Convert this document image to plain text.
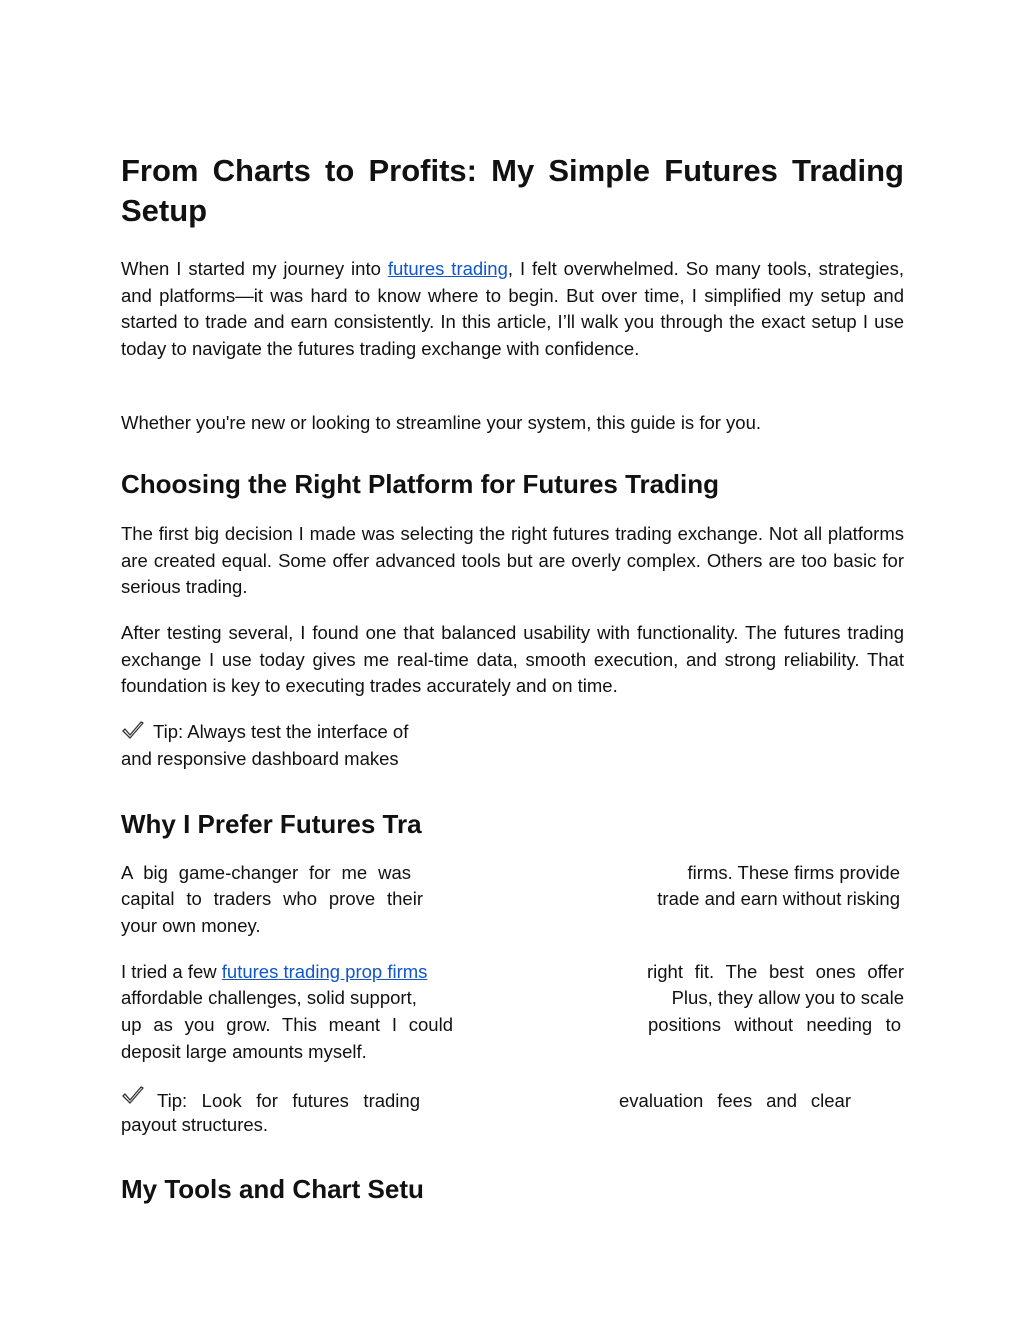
From Charts to Profits: My Simple Futures Trading Setup

When I started my journey into futures trading, I felt overwhelmed. So many tools, strategies, and platforms—it was hard to know where to begin. But over time, I simplified my setup and started to trade and earn consistently. In this article, I’ll walk you through the exact setup I use today to navigate the futures trading exchange with confidence.

Whether you're new or looking to streamline your system, this guide is for you.

Choosing the Right Platform for Futures Trading

The first big decision I made was selecting the right futures trading exchange. Not all platforms are created equal. Some offer advanced tools but are overly complex. Others are too basic for serious trading.

After testing several, I found one that balanced usability with functionality. The futures trading exchange I use today gives me real-time data, smooth execution, and strong reliability. That foundation is key to executing trades accurately and on time.

Tip: Always test the interface of

and responsive dashboard makes

Why I Prefer Futures Tra

A big game-changer for me was

capital to traders who prove their

your own money.

firms. These firms provide

trade and earn without risking

I tried a few futures trading prop firms

affordable challenges, solid support,

up as you grow. This meant I could

deposit large amounts myself.

right fit. The best ones offer

Plus, they allow you to scale

positions without needing to

Tip: Look for futures trading	evaluation fees and clear

payout structures.

My Tools and Chart Setu
